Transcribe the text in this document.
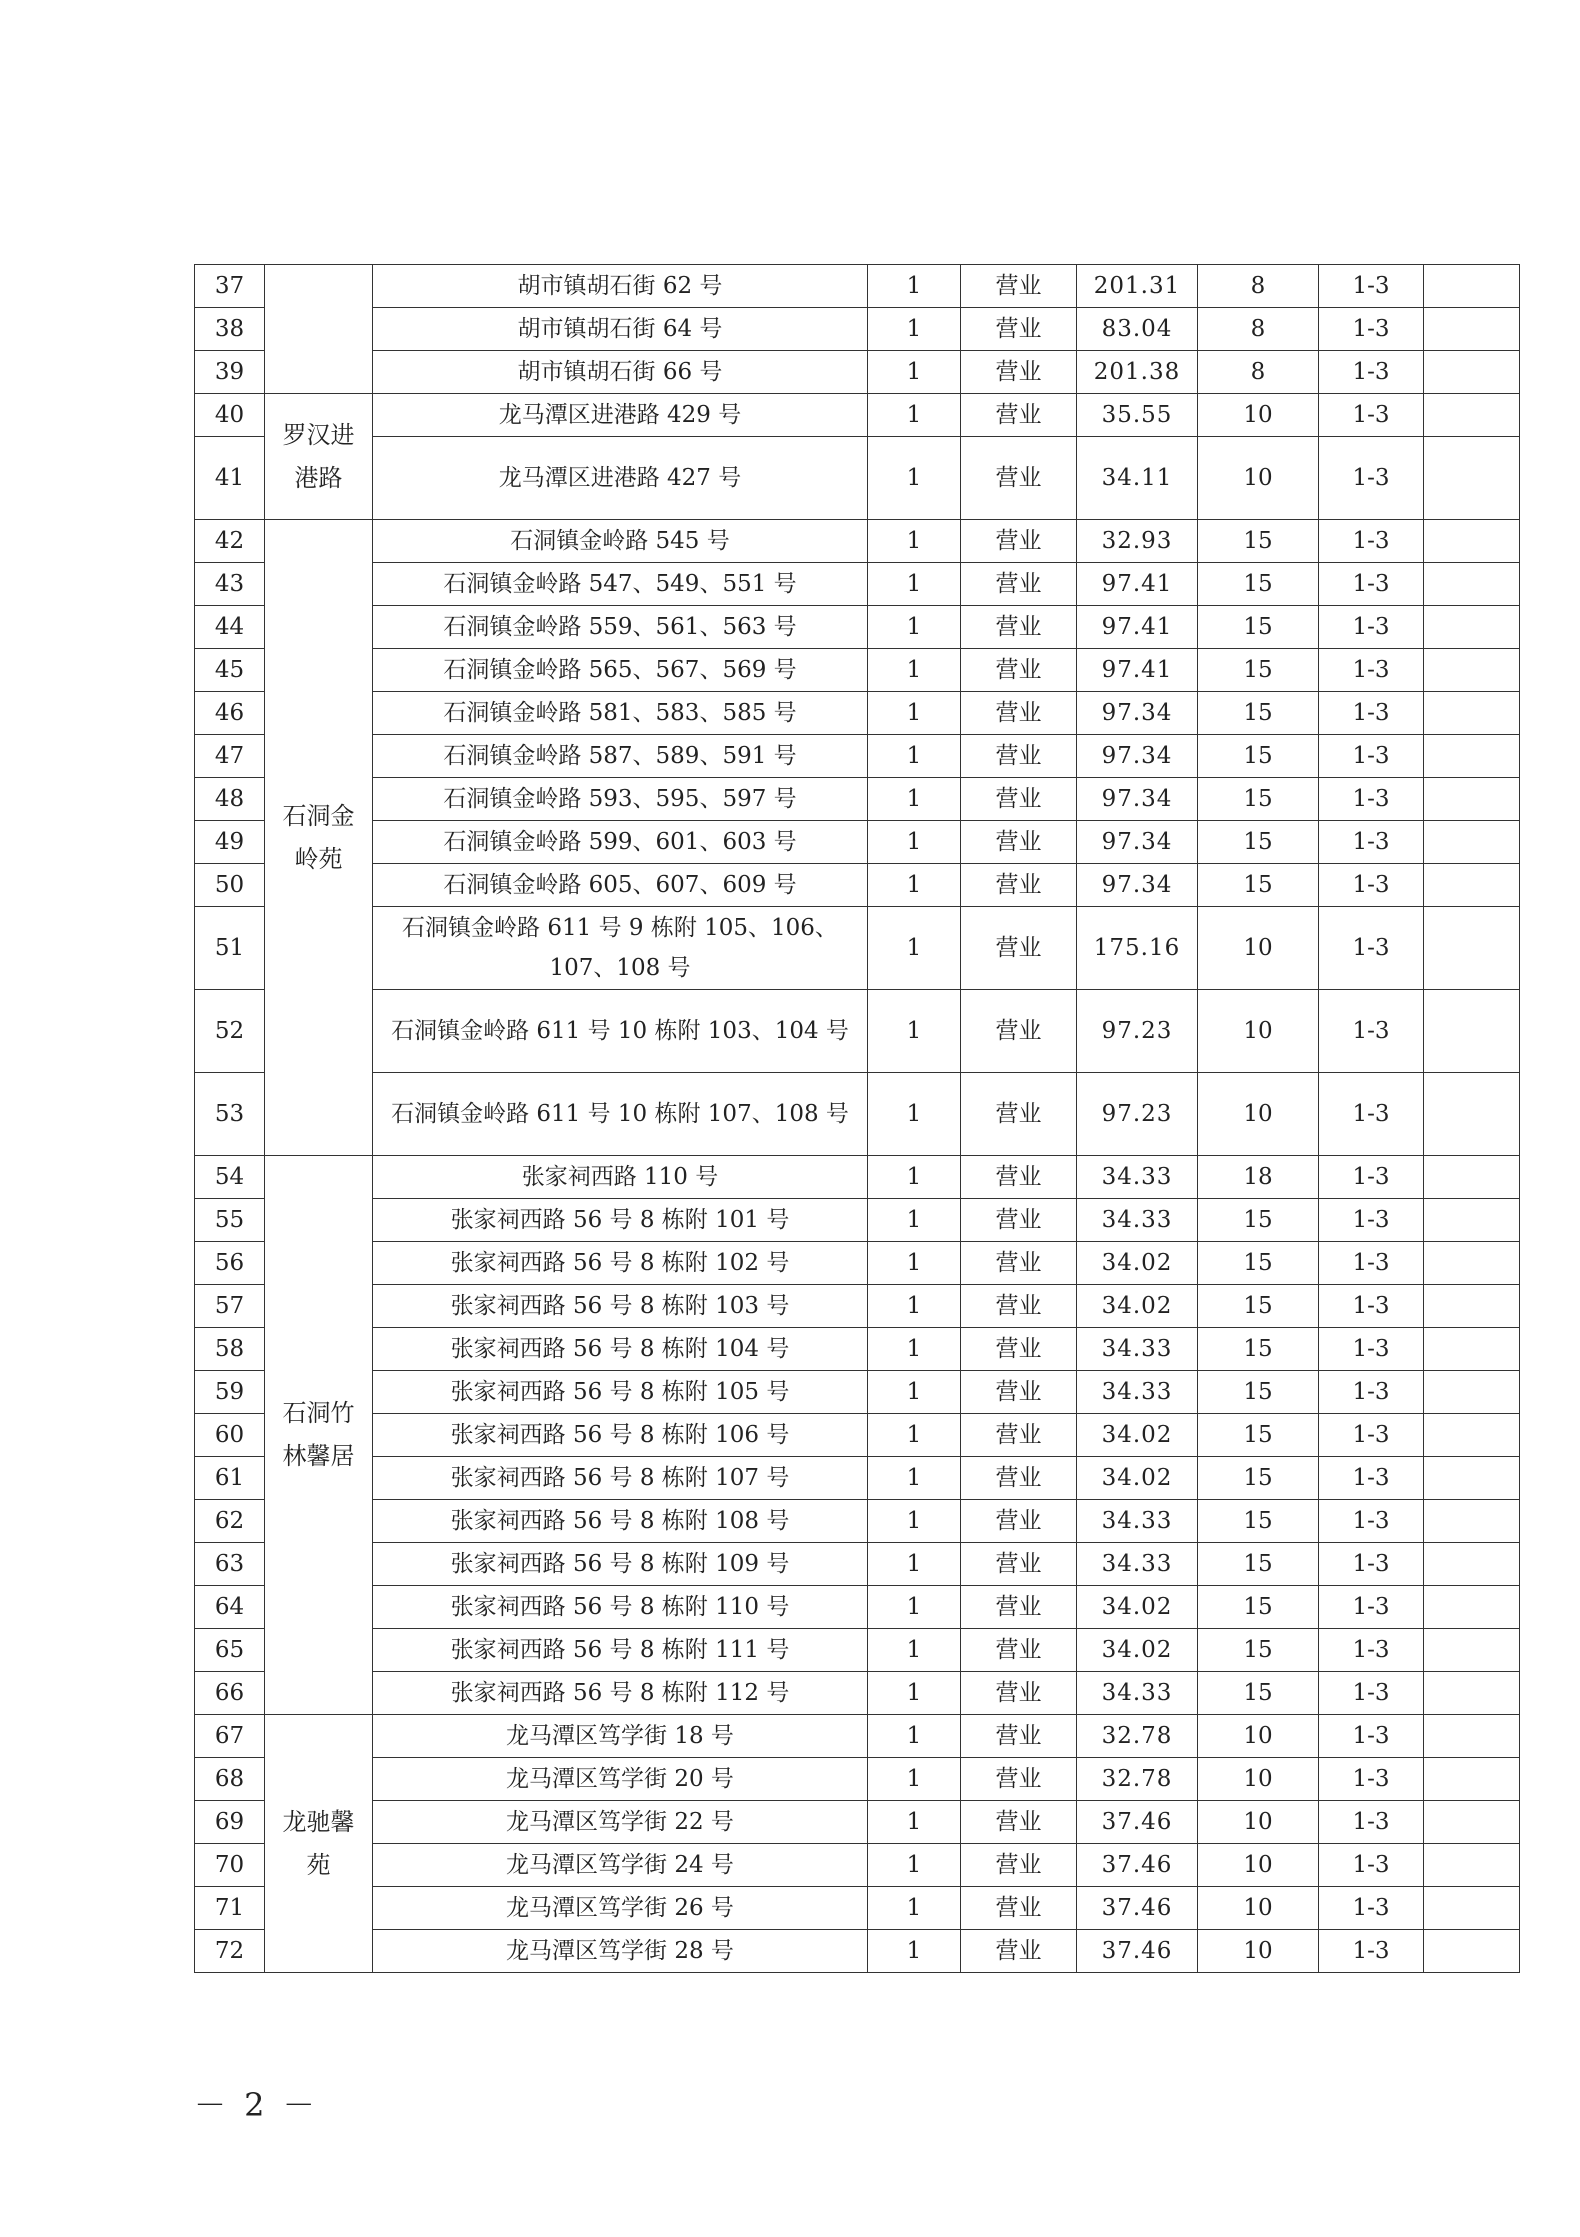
37		胡市镇胡石街 62 号	1	营业	201.31	8	1-3	
38		胡市镇胡石街 64 号	1	营业	83.04	8	1-3	
39		胡市镇胡石街 66 号	1	营业	201.38	8	1-3	
40	罗汉进港路	龙马潭区进港路 429 号	1	营业	35.55	10	1-3	
41		龙马潭区进港路 427 号	1	营业	34.11	10	1-3	
42	石洞金岭苑	石洞镇金岭路 545 号	1	营业	32.93	15	1-3	
43		石洞镇金岭路 547、549、551 号	1	营业	97.41	15	1-3	
44		石洞镇金岭路 559、561、563 号	1	营业	97.41	15	1-3	
45		石洞镇金岭路 565、567、569 号	1	营业	97.41	15	1-3	
46		石洞镇金岭路 581、583、585 号	1	营业	97.34	15	1-3	
47		石洞镇金岭路 587、589、591 号	1	营业	97.34	15	1-3	
48		石洞镇金岭路 593、595、597 号	1	营业	97.34	15	1-3	
49		石洞镇金岭路 599、601、603 号	1	营业	97.34	15	1-3	
50		石洞镇金岭路 605、607、609 号	1	营业	97.34	15	1-3	
51		石洞镇金岭路 611 号 9 栋附 105、106、107、108 号	1	营业	175.16	10	1-3	
52		石洞镇金岭路 611 号 10 栋附 103、104 号	1	营业	97.23	10	1-3	
53		石洞镇金岭路 611 号 10 栋附 107、108 号	1	营业	97.23	10	1-3	
54	石洞竹林馨居	张家祠西路 110 号	1	营业	34.33	18	1-3	
55		张家祠西路 56 号 8 栋附 101 号	1	营业	34.33	15	1-3	
56		张家祠西路 56 号 8 栋附 102 号	1	营业	34.02	15	1-3	
57		张家祠西路 56 号 8 栋附 103 号	1	营业	34.02	15	1-3	
58		张家祠西路 56 号 8 栋附 104 号	1	营业	34.33	15	1-3	
59		张家祠西路 56 号 8 栋附 105 号	1	营业	34.33	15	1-3	
60		张家祠西路 56 号 8 栋附 106 号	1	营业	34.02	15	1-3	
61		张家祠西路 56 号 8 栋附 107 号	1	营业	34.02	15	1-3	
62		张家祠西路 56 号 8 栋附 108 号	1	营业	34.33	15	1-3	
63		张家祠西路 56 号 8 栋附 109 号	1	营业	34.33	15	1-3	
64		张家祠西路 56 号 8 栋附 110 号	1	营业	34.02	15	1-3	
65		张家祠西路 56 号 8 栋附 111 号	1	营业	34.02	15	1-3	
66		张家祠西路 56 号 8 栋附 112 号	1	营业	34.33	15	1-3	
67	龙驰馨苑	龙马潭区笃学街 18 号	1	营业	32.78	10	1-3	
68		龙马潭区笃学街 20 号	1	营业	32.78	10	1-3	
69		龙马潭区笃学街 22 号	1	营业	37.46	10	1-3	
70		龙马潭区笃学街 24 号	1	营业	37.46	10	1-3	
71		龙马潭区笃学街 26 号	1	营业	37.46	10	1-3	
72		龙马潭区笃学街 28 号	1	营业	37.46	10	1-3	
－ 2 －
